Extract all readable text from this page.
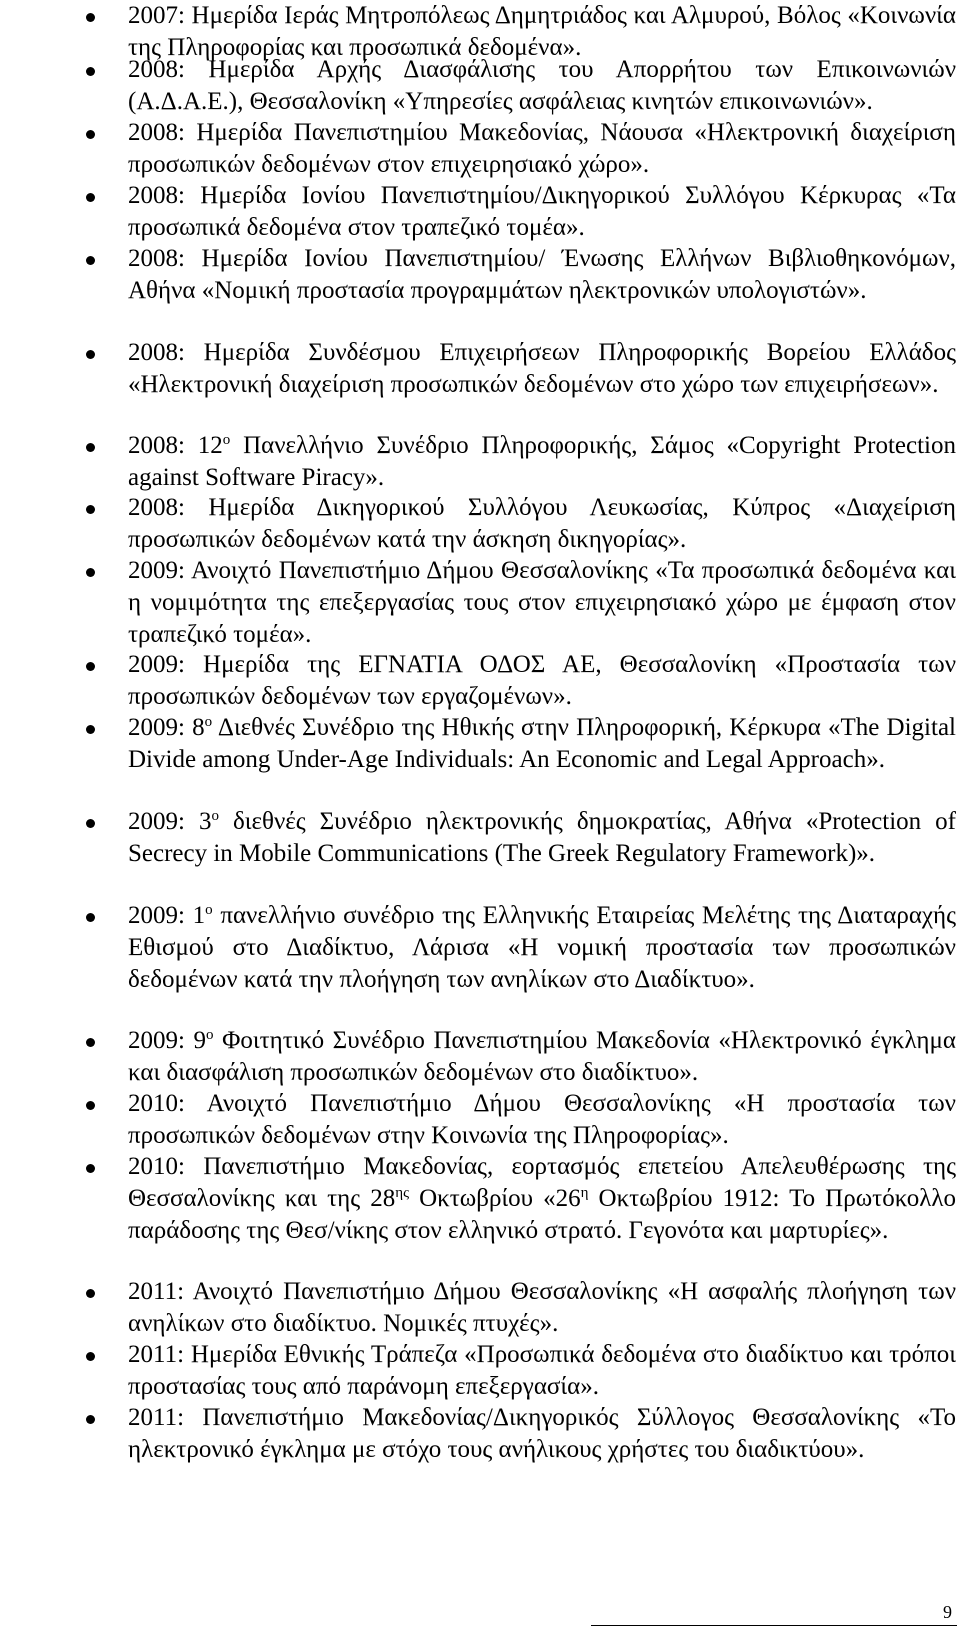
2007: Ημερίδα Ιεράς Μητροπόλεως Δημητριάδος και Αλμυρού, Βόλος «Κοινωνία της Πληροφορίας και προσωπικά δεδομένα».
2008: Ημερίδα Αρχής Διασφάλισης του Απορρήτου των Επικοινωνιών (Α.Δ.Α.Ε.), Θεσσαλονίκη «Υπηρεσίες ασφάλειας κινητών επικοινωνιών».
2008: Ημερίδα Πανεπιστημίου Μακεδονίας, Νάουσα «Ηλεκτρονική διαχείριση προσωπικών δεδομένων στον επιχειρησιακό χώρο».
2008: Ημερίδα Ιονίου Πανεπιστημίου/Δικηγορικού Συλλόγου Κέρκυρας «Τα προσωπικά δεδομένα στον τραπεζικό τομέα».
2008: Ημερίδα Ιονίου Πανεπιστημίου/ Ένωσης Ελλήνων Βιβλιοθηκονόμων, Αθήνα «Νομική προστασία προγραμμάτων ηλεκτρονικών υπολογιστών».
2008: Ημερίδα Συνδέσμου Επιχειρήσεων Πληροφορικής Βορείου Ελλάδος «Ηλεκτρονική διαχείριση προσωπικών δεδομένων στο χώρο των επιχειρήσεων».
2008: $12^o$ Πανελλήνιο Συνέδριο Πληροφορικής, Σάμος «Copyright Protection against Software Piracy».
2008: Ημερίδα Δικηγορικού Συλλόγου Λευκωσίας, Κύπρος «Διαχείριση προσωπικών δεδομένων κατά την άσκηση δικηγορίας».
2009: Ανοιχτό Πανεπιστήμιο Δήμου Θεσσαλονίκης «Τα προσωπικά δεδομένα και η νομιμότητα της επεξεργασίας τους στον επιχειρησιακό χώρο με έμφαση στον τραπεζικό τομέα».
2009: Ημερίδα της ΕΓΝΑΤΙΑ ΟΔΟΣ ΑΕ, Θεσσαλονίκη «Προστασία των προσωπικών δεδομένων των εργαζομένων».
2009: $8^o$ Διεθνές Συνέδριο της Ηθικής στην Πληροφορική, Κέρκυρα «The Digital Divide among Under-Age Individuals: An Economic and Legal Approach».
2009: $3^o$ διεθνές Συνέδριο ηλεκτρονικής δημοκρατίας, Αθήνα «Protection of Secrecy in Mobile Communications (The Greek Regulatory Framework)».
2009: $1^o$ πανελλήνιο συνέδριο της Ελληνικής Εταιρείας Μελέτης της Διαταραχής Εθισμού στο Διαδίκτυο, Λάρισα «Η νομική προστασία των προσωπικών δεδομένων κατά την πλοήγηση των ανηλίκων στο Διαδίκτυο».
2009: $9^o$ Φοιτητικό Συνέδριο Πανεπιστημίου Μακεδονία «Ηλεκτρονικό έγκλημα και διασφάλιση προσωπικών δεδομένων στο διαδίκτυο».
2010: Ανοιχτό Πανεπιστήμιο Δήμου Θεσσαλονίκης «Η προστασία των προσωπικών δεδομένων στην Κοινωνία της Πληροφορίας».
2010: Πανεπιστήμιο Μακεδονίας, εορτασμός επετείου Απελευθέρωσης της Θεσσαλονίκης και της $28^{\eta\varsigma}$ Οκτωβρίου «$26^\eta$ Οκτωβρίου 1912: Το Πρωτόκολλο παράδοσης της Θεσ/νίκης στον ελληνικό στρατό. Γεγονότα και μαρτυρίες».
2011: Ανοιχτό Πανεπιστήμιο Δήμου Θεσσαλονίκης «Η ασφαλής πλοήγηση των ανηλίκων στο διαδίκτυο. Νομικές πτυχές».
2011: Ημερίδα Εθνικής Τράπεζα «Προσωπικά δεδομένα στο διαδίκτυο και τρόποι προστασίας τους από παράνομη επεξεργασία».
2011: Πανεπιστήμιο Μακεδονίας/Δικηγορικός Σύλλογος Θεσσαλονίκης «Το ηλεκτρονικό έγκλημα με στόχο τους ανήλικους χρήστες του διαδικτύου».
9
